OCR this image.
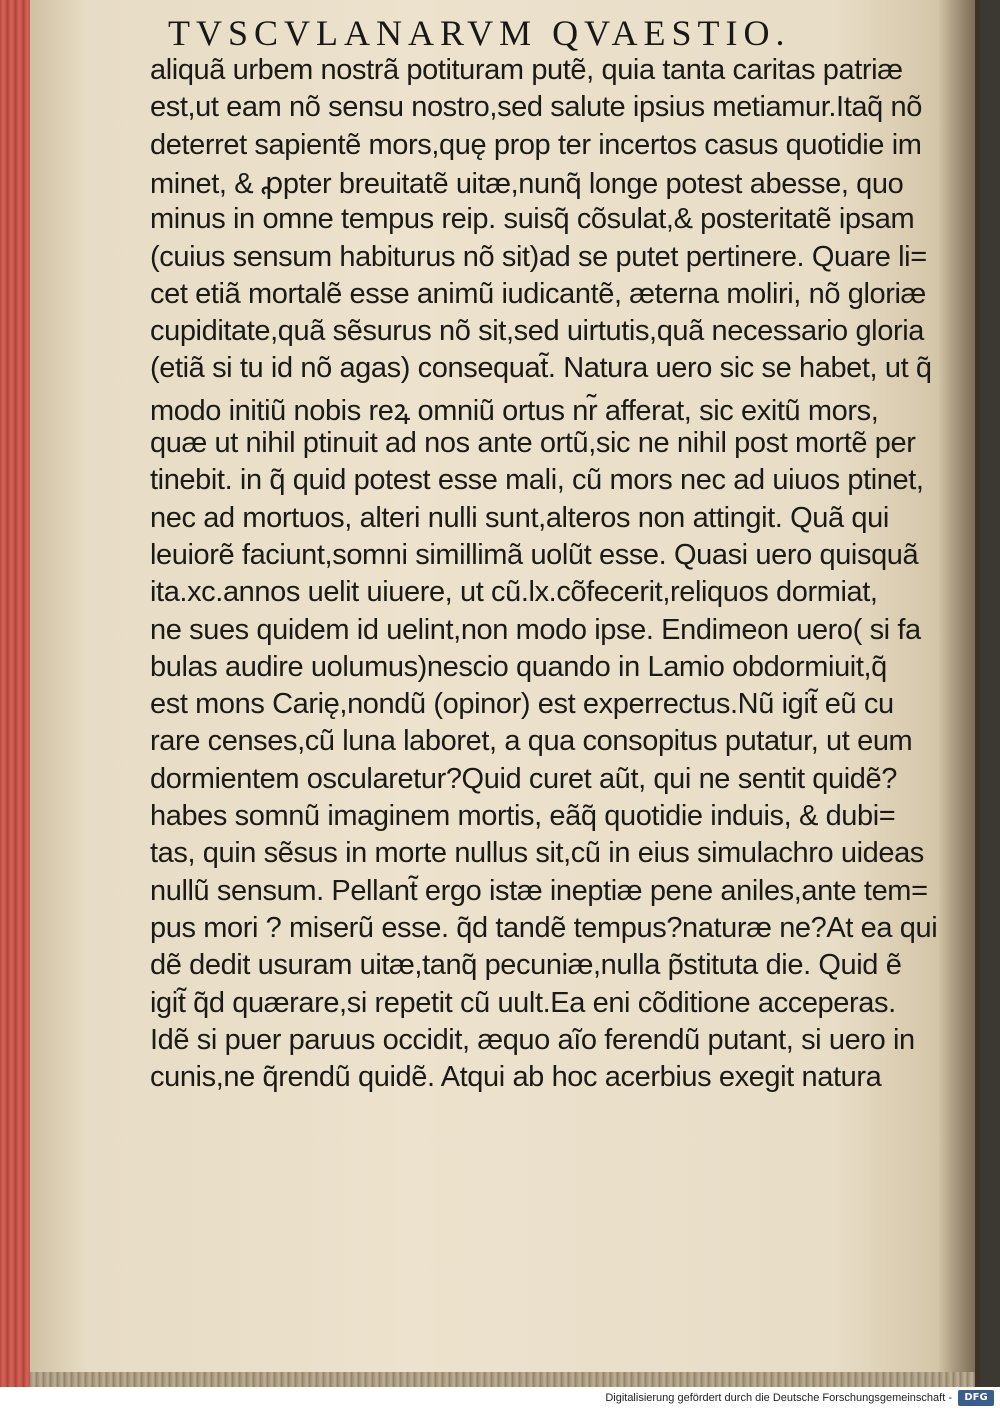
TVSCVLANARVM QVAESTIO.
aliquã urbem nostrã potituram putẽ, quia tanta caritas patriæ
est,ut eam nõ sensu nostro,sed salute ipsius metiamur.Itaq̃ nõ
deterret sapientẽ mors,quę prop ter incertos casus quotidie im
minet, & ꝓpter breuitatẽ uitæ,nunq̃ longe potest abesse, quo
minus in omne tempus reip. suisq̃ cõsulat,& posteritatẽ ipsam
(cuius sensum habiturus nõ sit)ad se putet pertinere. Quare li=
cet etiã mortalẽ esse animũ iudicantẽ, æterna moliri, nõ gloriæ
cupiditate,quã sẽsurus nõ sit,sed uirtutis,quã necessario gloria
(etiã si tu id nõ agas) consequat̃. Natura uero sic se habet, ut q̃
modo initiũ nobis reꝝ omniũ ortus nr̃ afferat, sic exitũ mors,
quæ ut nihil ptinuit ad nos ante ortũ,sic ne nihil post mortẽ per
tinebit. in q̃ quid potest esse mali, cũ mors nec ad uiuos ptinet,
nec ad mortuos, alteri nulli sunt,alteros non attingit. Quã qui
leuiorẽ faciunt,somni simillimã uolũt esse. Quasi uero quisquã
ita.xc.annos uelit uiuere, ut cũ.lx.cõfecerit,reliquos dormiat,
ne sues quidem id uelint,non modo ipse. Endimeon uero( si fa
bulas audire uolumus)nescio quando in Lamio obdormiuit,q̃
est mons Carię,nondũ (opinor) est experrectus.Nũ igit̃ eũ cu
rare censes,cũ luna laboret, a qua consopitus putatur, ut eum
dormientem oscularetur?Quid curet aũt, qui ne sentit quidẽ?
habes somnũ imaginem mortis, eãq̃ quotidie induis, & dubi=
tas, quin sẽsus in morte nullus sit,cũ in eius simulachro uideas
nullũ sensum. Pellant̃ ergo istæ ineptiæ pene aniles,ante tem=
pus mori ? miserũ esse. q̃d tandẽ tempus?naturæ ne?At ea qui
dẽ dedit usuram uitæ,tanq̃ pecuniæ,nulla p̃stituta die. Quid ẽ
igit̃ q̃d quærare,si repetit cũ uult.Ea eni cõditione acceperas.
Idẽ si puer paruus occidit, æquo aĩo ferendũ putant, si uero in
cunis,ne q̃rendũ quidẽ. Atqui ab hoc acerbius exegit natura
Digitalisierung gefördert durch die Deutsche Forschungsgemeinschaft -	DFG
